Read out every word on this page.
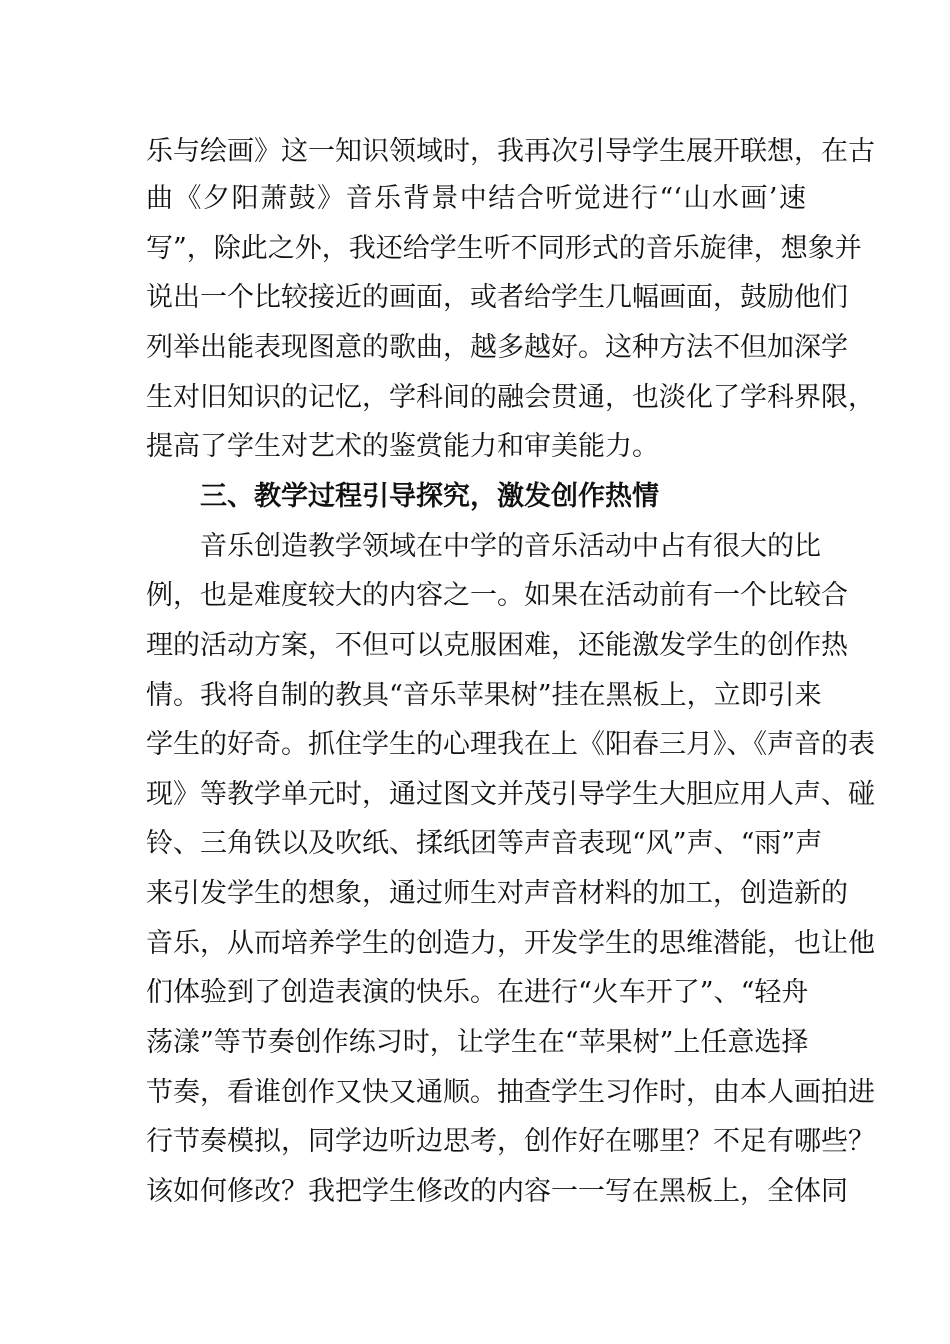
乐与绘画》这一知识领域时，我再次引导学生展开联想，在古
曲《夕阳萧鼓》音乐背景中结合听觉进行“‘山水画’速
写”，除此之外，我还给学生听不同形式的音乐旋律，想象并
说出一个比较接近的画面，或者给学生几幅画面，鼓励他们
列举出能表现图意的歌曲，越多越好。这种方法不但加深学
生对旧知识的记忆，学科间的融会贯通，也淡化了学科界限，
提高了学生对艺术的鉴赏能力和审美能力。
三、教学过程引导探究，激发创作热情
音乐创造教学领域在中学的音乐活动中占有很大的比
例，也是难度较大的内容之一。如果在活动前有一个比较合
理的活动方案，不但可以克服困难，还能激发学生的创作热
情。我将自制的教具“音乐苹果树”挂在黑板上，立即引来
学生的好奇。抓住学生的心理我在上《阳春三月》、《声音的表
现》等教学单元时，通过图文并茂引导学生大胆应用人声、碰
铃、三角铁以及吹纸、揉纸团等声音表现“风”声、“雨”声
来引发学生的想象，通过师生对声音材料的加工，创造新的
音乐，从而培养学生的创造力，开发学生的思维潜能，也让他
们体验到了创造表演的快乐。在进行“火车开了”、“轻舟
荡漾”等节奏创作练习时，让学生在“苹果树”上任意选择
节奏，看谁创作又快又通顺。抽查学生习作时，由本人画拍进
行节奏模拟，同学边听边思考，创作好在哪里？不足有哪些？
该如何修改？我把学生修改的内容一一写在黑板上，全体同
